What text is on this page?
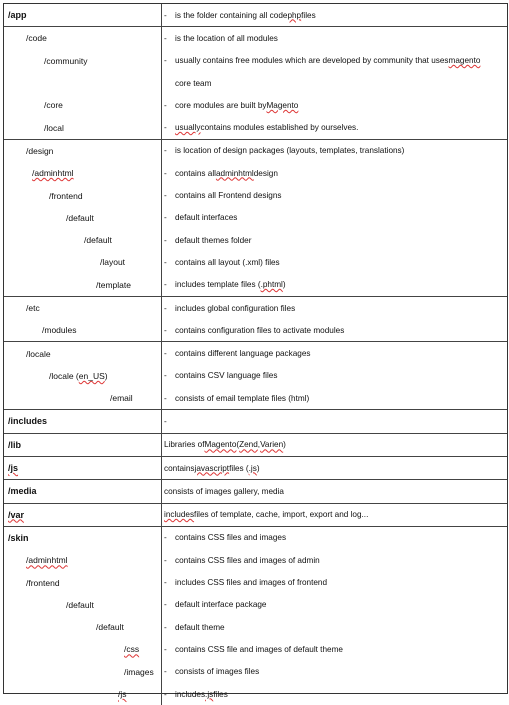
/app	-	is the folder containing all code php files
/code	-	is the location of all modules
/community	-	usually contains free modules which are developed by community that uses magento
core team
/core	-	core modules are built by Magento
/local	-	usually contains modules established by ourselves.
/design	-	is location of design packages (layouts, templates, translations)
/adminhtml	-	contains all adminhtml design
/frontend	-	contains all Frontend designs
/default	-	default interfaces
/default	-	default themes folder
/layout	-	contains all layout (.xml) files
/template	-	includes template files ( .phtml )
/etc	-	includes global configuration files
/modules	-	contains configuration files to activate modules
/locale	-	contains different language packages
/locale ( en_US )	-	contains CSV language files
/email	-	consists of email template files (html)
/includes	-
/lib	Libraries of Magento ( Zend , Varien )
/js	contains javascript files ( .js )
/media	consists of images gallery, media
/var	includes files of template, cache, import, export and log...
/skin	-	contains CSS files and images
/adminhtml	-	contains CSS files and images of admin
/frontend	-	includes CSS files and images of frontend
/default	-	default interface package
/default	-	default theme
/css	-	contains CSS file and images of default theme
/images -	consists of images files
/js	-	includes .js files
